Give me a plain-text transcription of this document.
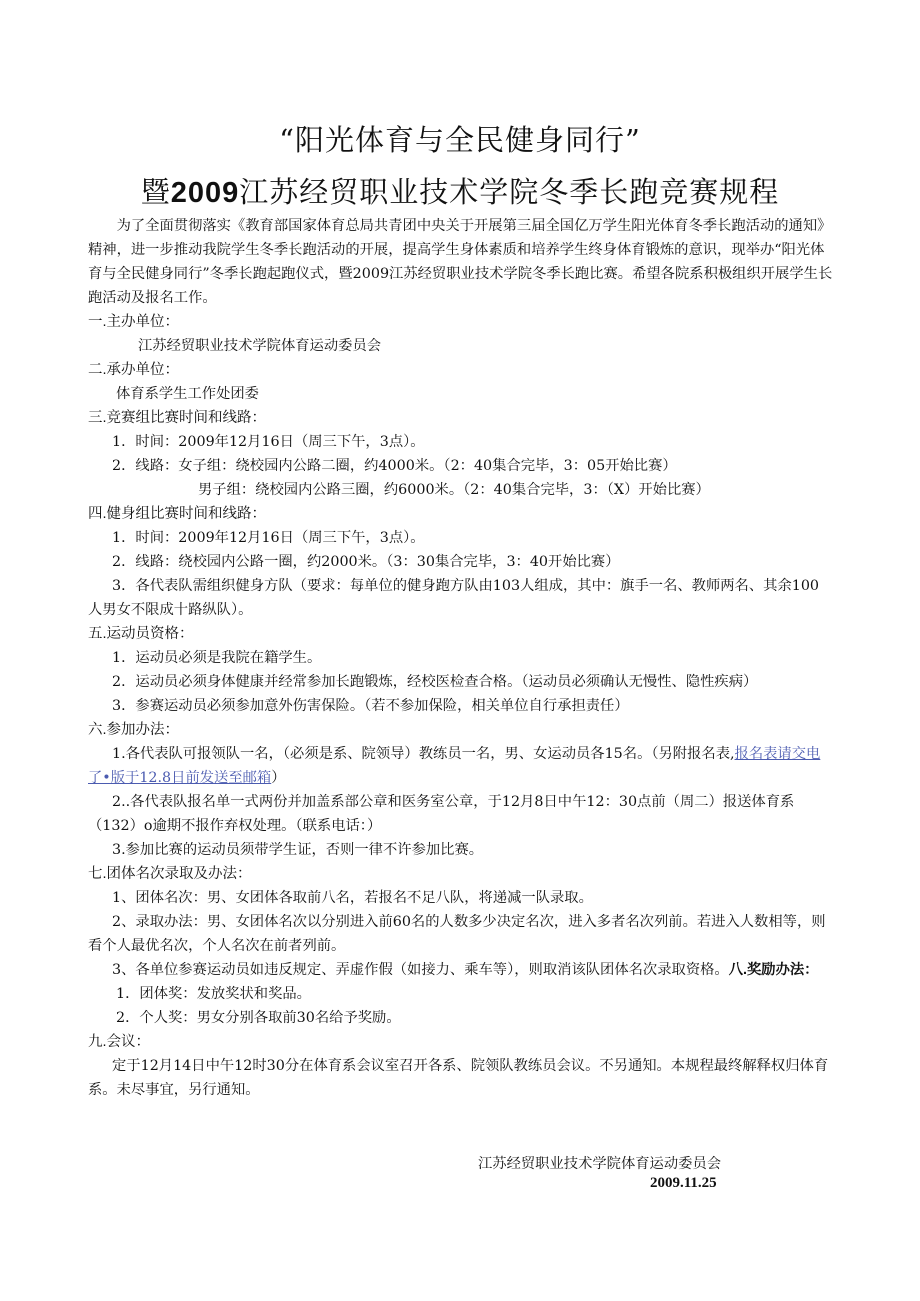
“阳光体育与全民健身同行”
暨2009江苏经贸职业技术学院冬季长跑竞赛规程

为了全面贯彻落实《教育部国家体育总局共青团中央关于开展第三届全国亿万学生阳光体育冬季长跑活动的通知》精神，进一步推动我院学生冬季长跑活动的开展，提高学生身体素质和培养学生终身体育锻炼的意识，现举办“阳光体育与全民健身同行”冬季长跑起跑仪式，暨2009江苏经贸职业技术学院冬季长跑比赛。希望各院系积极组织开展学生长跑活动及报名工作。

一.主办单位：

江苏经贸职业技术学院体育运动委员会

二.承办单位：

体育系学生工作处团委

三.竞赛组比赛时间和线路：

1．时间：2009年12月16日（周三下午，3点）。

2．线路：女子组：绕校园内公路二圈，约4000米。（2：40集合完毕，3：05开始比赛）

男子组：绕校园内公路三圈，约6000米。（2：40集合完毕，3：（X）开始比赛）

四.健身组比赛时间和线路：

1．时间：2009年12月16日（周三下午，3点）。

2．线路：绕校园内公路一圈，约2000米。（3：30集合完毕，3：40开始比赛）

3．各代表队需组织健身方队（要求：每单位的健身跑方队由103人组成，其中：旗手一名、教师两名、其余100人男女不限成十路纵队）。

五.运动员资格：

1．运动员必须是我院在籍学生。

2．运动员必须身体健康并经常参加长跑锻炼，经校医检查合格。（运动员必须确认无慢性、隐性疾病）

3．参赛运动员必须参加意外伤害保险。（若不参加保险，相关单位自行承担责任）

六.参加办法：

1.各代表队可报领队一名，（必须是系、院领导）教练员一名，男、女运动员各15名。（另附报名表,报名表请交电了•版于12.8日前发送至邮箱）

2..各代表队报名单一式两份并加盖系部公章和医务室公章，于12月8日中午12：30点前（周二）报送体育系（132）o逾期不报作弃权处理。（联系电话：）

3.参加比赛的运动员须带学生证，否则一律不许参加比赛。

七.团体名次录取及办法：

1、团体名次：男、女团体各取前八名，若报名不足八队，将递减一队录取。

2、录取办法：男、女团体名次以分别进入前60名的人数多少决定名次，进入多者名次列前。若进入人数相等，则看个人最优名次，个人名次在前者列前。

3、各单位参赛运动员如违反规定、弄虚作假（如接力、乘车等），则取消该队团体名次录取资格。八.奖励办法：

1．团体奖：发放奖状和奖品。

2．个人奖：男女分别各取前30名给予奖励。

九.会议：

定于12月14日中午12时30分在体育系会议室召开各系、院领队教练员会议。不另通知。本规程最终解释权归体育系。未尽事宜，另行通知。

江苏经贸职业技术学院体育运动委员会
2009.11.25
